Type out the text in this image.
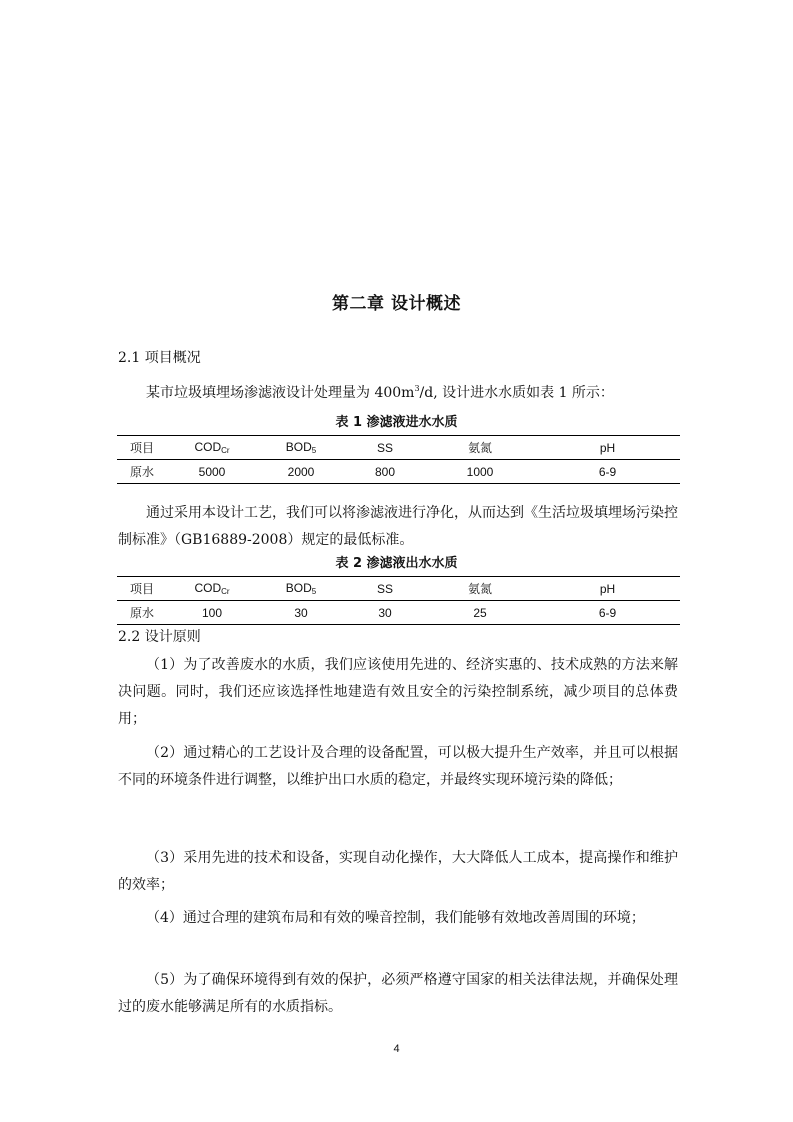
第二章 设计概述
2.1 项目概况
某市垃圾填埋场渗滤液设计处理量为 $400m^3/d$, 设计进水水质如表 1 所示：
表 1 渗滤液进水水质
项目	$COD_{Cr}$	$BOD_5$	SS	氨氮	pH
原水	5000	2000	800	1000	6-9
通过采用本设计工艺，我们可以将渗滤液进行净化，从而达到《生活垃圾填埋场污染控制标准》（GB16889-2008）规定的最低标准。
表 2 渗滤液出水水质
项目	$COD_{Cr}$	$BOD_5$	SS	氨氮	pH
原水	100	30	30	25	6-9
2.2 设计原则
（1）为了改善废水的水质，我们应该使用先进的、经济实惠的、技术成熟的方法来解决问题。同时，我们还应该选择性地建造有效且安全的污染控制系统，减少项目的总体费用；
（2）通过精心的工艺设计及合理的设备配置，可以极大提升生产效率，并且可以根据不同的环境条件进行调整，以维护出口水质的稳定，并最终实现环境污染的降低；
（3）采用先进的技术和设备，实现自动化操作，大大降低人工成本，提高操作和维护的效率；
（4）通过合理的建筑布局和有效的噪音控制，我们能够有效地改善周围的环境；
（5）为了确保环境得到有效的保护，必须严格遵守国家的相关法律法规，并确保处理过的废水能够满足所有的水质指标。
4
